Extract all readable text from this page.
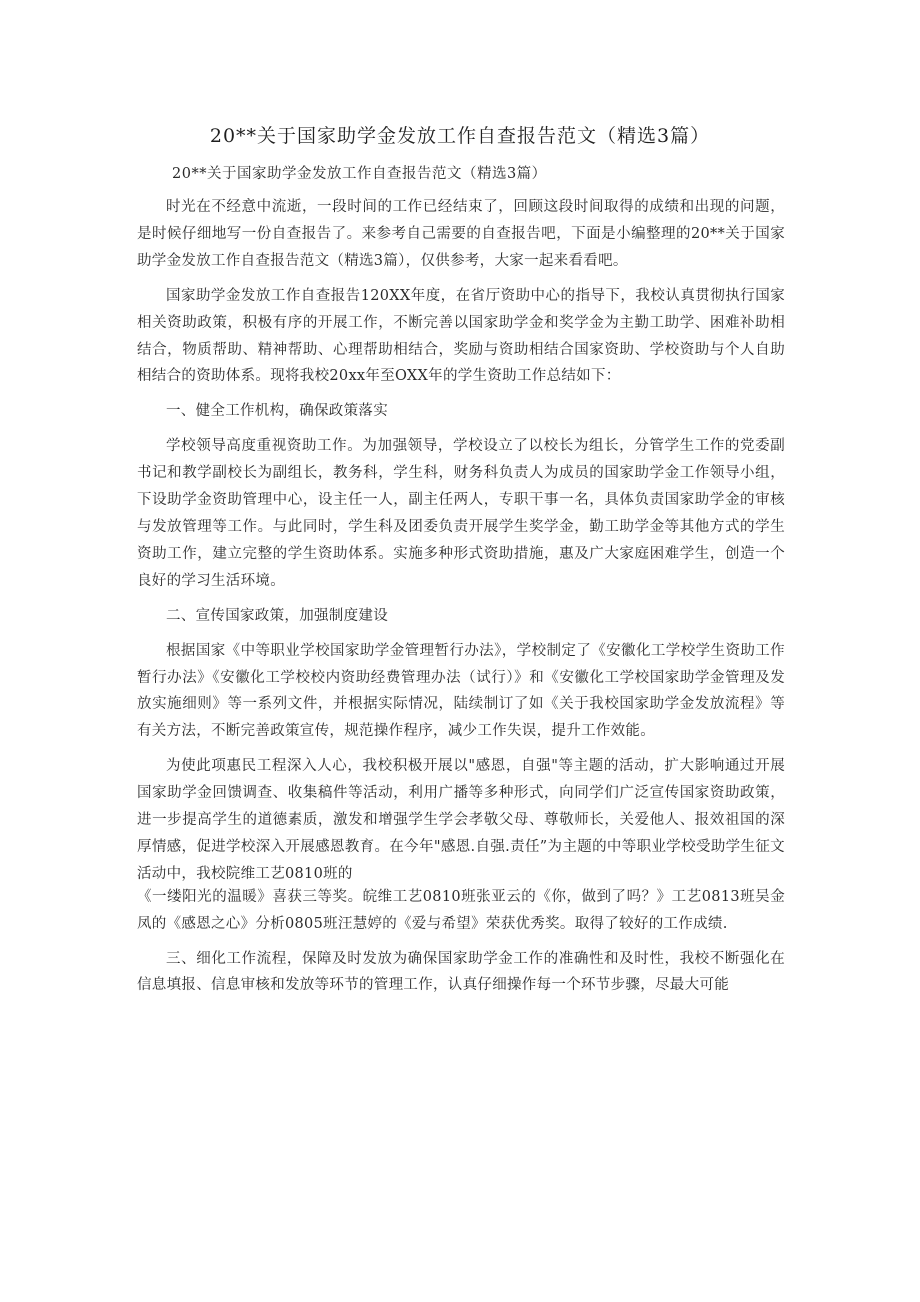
20**关于国家助学金发放工作自查报告范文（精选3篇）
20**关于国家助学金发放工作自查报告范文（精选3篇）

时光在不经意中流逝，一段时间的工作已经结束了，回顾这段时间取得的成绩和出现的问题，是时候仔细地写一份自查报告了。来参考自己需要的自查报告吧，下面是小编整理的20**关于国家助学金发放工作自查报告范文（精选3篇），仅供参考，大家一起来看看吧。

国家助学金发放工作自查报告120XX年度，在省厅资助中心的指导下，我校认真贯彻执行国家相关资助政策，积极有序的开展工作，不断完善以国家助学金和奖学金为主勤工助学、困难补助相结合，物质帮助、精神帮助、心理帮助相结合，奖励与资助相结合国家资助、学校资助与个人自助相结合的资助体系。现将我校20xx年至OXX年的学生资助工作总结如下：

一、健全工作机构，确保政策落实

学校领导高度重视资助工作。为加强领导，学校设立了以校长为组长，分管学生工作的党委副书记和教学副校长为副组长，教务科，学生科，财务科负责人为成员的国家助学金工作领导小组，下设助学金资助管理中心，设主任一人，副主任两人，专职干事一名，具体负责国家助学金的审核与发放管理等工作。与此同时，学生科及团委负责开展学生奖学金，勤工助学金等其他方式的学生资助工作，建立完整的学生资助体系。实施多种形式资助措施，惠及广大家庭困难学生，创造一个良好的学习生活环境。

二、宣传国家政策，加强制度建设

根据国家《中等职业学校国家助学金管理暂行办法》，学校制定了《安徽化工学校学生资助工作暂行办法》《安徽化工学校校内资助经费管理办法（试行）》和《安徽化工学校国家助学金管理及发放实施细则》等一系列文件，并根据实际情况，陆续制订了如《关于我校国家助学金发放流程》等有关方法，不断完善政策宣传，规范操作程序，减少工作失误，提升工作效能。

为使此项惠民工程深入人心，我校积极开展以"感恩，自强"等主题的活动，扩大影响通过开展国家助学金回馈调查、收集稿件等活动，利用广播等多种形式，向同学们广泛宣传国家资助政策，进一步提高学生的道德素质，激发和增强学生学会孝敬父母、尊敬师长，关爱他人、报效祖国的深厚情感，促进学校深入开展感恩教育。在今年"感恩.自强.责任”为主题的中等职业学校受助学生征文活动中，我校院维工艺0810班的

《一缕阳光的温暖》喜获三等奖。皖维工艺0810班张亚云的《你，做到了吗？》工艺0813班吴金凤的《感恩之心》分析0805班汪慧婷的《爱与希望》荣获优秀奖。取得了较好的工作成绩.

三、细化工作流程，保障及时发放为确保国家助学金工作的准确性和及时性，我校不断强化在信息填报、信息审核和发放等环节的管理工作，认真仔细操作每一个环节步骤，尽最大可能
